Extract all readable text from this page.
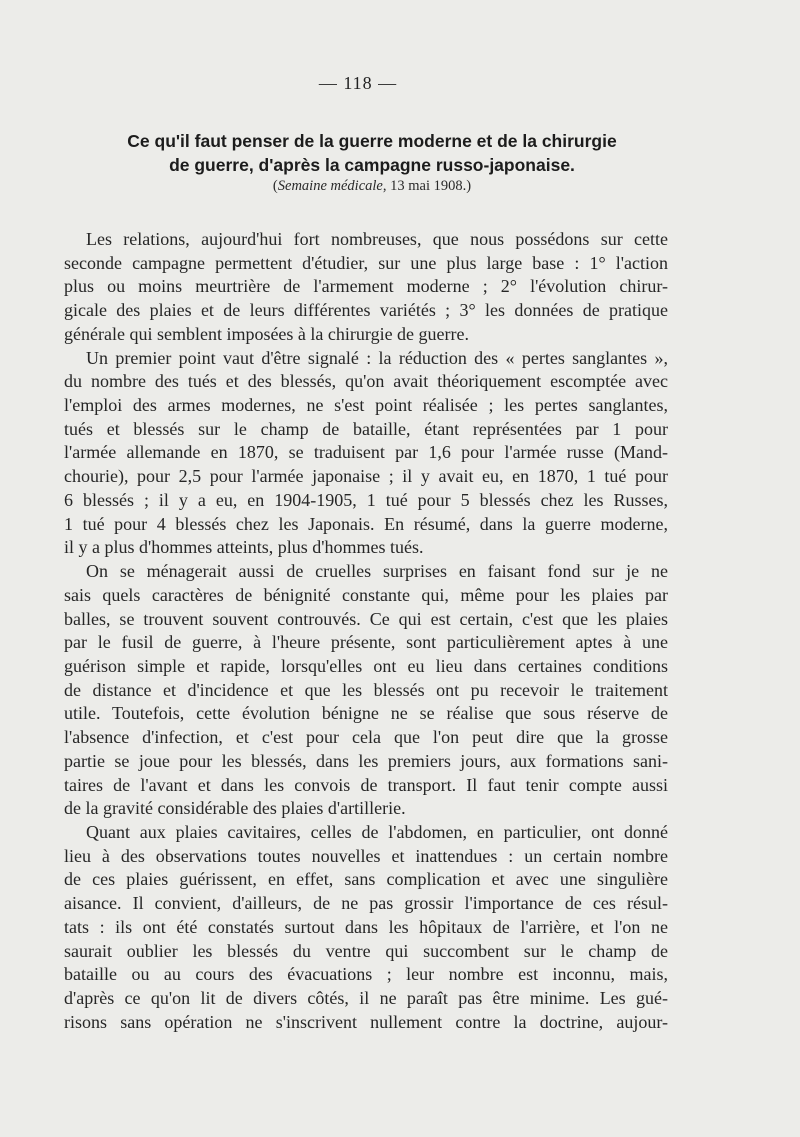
— 118 —
Ce qu'il faut penser de la guerre moderne et de la chirurgie
de guerre, d'après la campagne russo-japonaise.
(Semaine médicale, 13 mai 1908.)
Les relations, aujourd'hui fort nombreuses, que nous possédons sur cette
seconde campagne permettent d'étudier, sur une plus large base : 1° l'action
plus ou moins meurtrière de l'armement moderne ; 2° l'évolution chirur-
gicale des plaies et de leurs différentes variétés ; 3° les données de pratique
générale qui semblent imposées à la chirurgie de guerre.
Un premier point vaut d'être signalé : la réduction des « pertes sanglantes »,
du nombre des tués et des blessés, qu'on avait théoriquement escomptée avec
l'emploi des armes modernes, ne s'est point réalisée ; les pertes sanglantes,
tués et blessés sur le champ de bataille, étant représentées par 1 pour
l'armée allemande en 1870, se traduisent par 1,6 pour l'armée russe (Mand-
chourie), pour 2,5 pour l'armée japonaise ; il y avait eu, en 1870, 1 tué pour
6 blessés ; il y a eu, en 1904-1905, 1 tué pour 5 blessés chez les Russes,
1 tué pour 4 blessés chez les Japonais. En résumé, dans la guerre moderne,
il y a plus d'hommes atteints, plus d'hommes tués.
On se ménagerait aussi de cruelles surprises en faisant fond sur je ne
sais quels caractères de bénignité constante qui, même pour les plaies par
balles, se trouvent souvent controuvés. Ce qui est certain, c'est que les plaies
par le fusil de guerre, à l'heure présente, sont particulièrement aptes à une
guérison simple et rapide, lorsqu'elles ont eu lieu dans certaines conditions
de distance et d'incidence et que les blessés ont pu recevoir le traitement
utile. Toutefois, cette évolution bénigne ne se réalise que sous réserve de
l'absence d'infection, et c'est pour cela que l'on peut dire que la grosse
partie se joue pour les blessés, dans les premiers jours, aux formations sani-
taires de l'avant et dans les convois de transport. Il faut tenir compte aussi
de la gravité considérable des plaies d'artillerie.
Quant aux plaies cavitaires, celles de l'abdomen, en particulier, ont donné
lieu à des observations toutes nouvelles et inattendues : un certain nombre
de ces plaies guérissent, en effet, sans complication et avec une singulière
aisance. Il convient, d'ailleurs, de ne pas grossir l'importance de ces résul-
tats : ils ont été constatés surtout dans les hôpitaux de l'arrière, et l'on ne
saurait oublier les blessés du ventre qui succombent sur le champ de
bataille ou au cours des évacuations ; leur nombre est inconnu, mais,
d'après ce qu'on lit de divers côtés, il ne paraît pas être minime. Les gué-
risons sans opération ne s'inscrivent nullement contre la doctrine, aujour-
